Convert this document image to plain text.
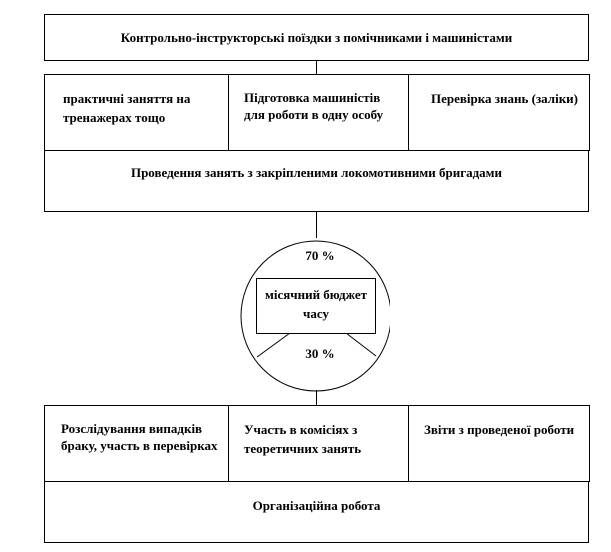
Контрольно-інструкторські поїздки з помічниками і машиністами
практичні заняття на тренажерах тощо
Підготовка машиністів для роботи в одну особу
Перевірка знань (заліки)
Проведення занять з закріпленими локомотивними бригадами
70 %
місячний бюджет часу
30 %
Розслідування випадків браку, участь в перевірках
Участь в комісіях з теоретичних занять
Звіти з проведеної роботи
Організаційна робота
